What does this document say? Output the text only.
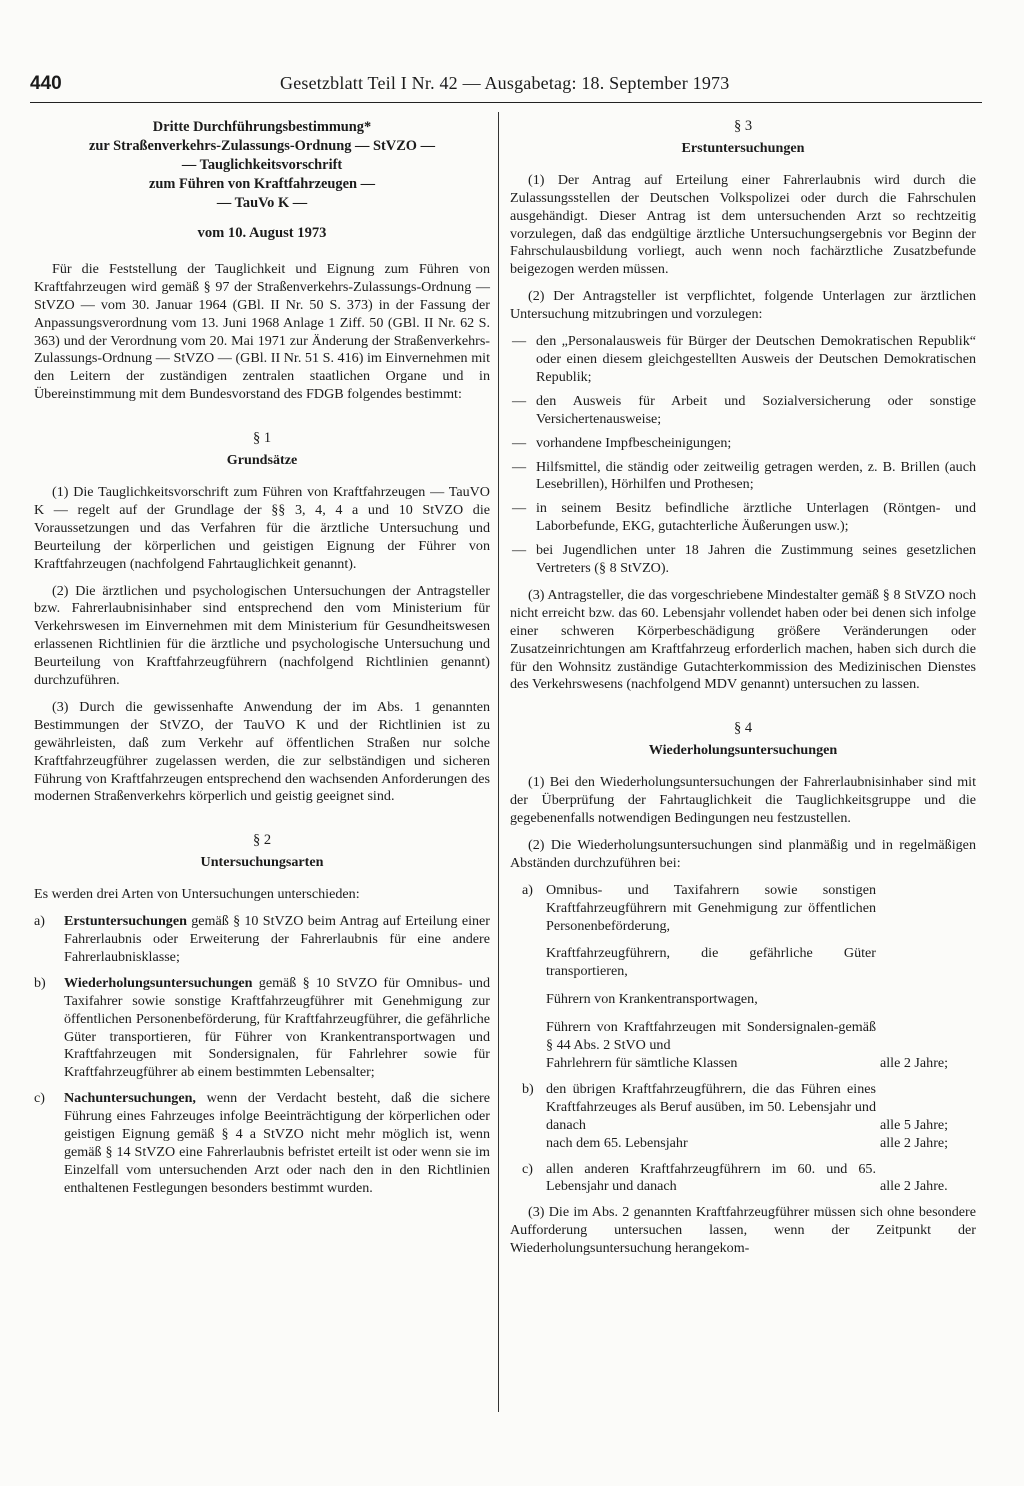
440	Gesetzblatt Teil I Nr. 42 — Ausgabetag: 18. September 1973
Dritte Durchführungsbestimmung*
zur Straßenverkehrs-Zulassungs-Ordnung — StVZO —
— Tauglichkeitsvorschrift
zum Führen von Kraftfahrzeugen —
— TauVo K —
vom 10. August 1973

Für die Feststellung der Tauglichkeit und Eignung zum Führen von Kraftfahrzeugen wird gemäß § 97 der Straßenverkehrs-Zulassungs-Ordnung — StVZO — vom 30. Januar 1964 (GBl. II Nr. 50 S. 373) in der Fassung der Anpassungsverordnung vom 13. Juni 1968 Anlage 1 Ziff. 50 (GBl. II Nr. 62 S. 363) und der Verordnung vom 20. Mai 1971 zur Änderung der Straßenverkehrs-Zulassungs-Ordnung — StVZO — (GBl. II Nr. 51 S. 416) im Einvernehmen mit den Leitern der zuständigen zentralen staatlichen Organe und in Übereinstimmung mit dem Bundesvorstand des FDGB folgendes bestimmt:

§ 1
Grundsätze

(1) Die Tauglichkeitsvorschrift zum Führen von Kraftfahrzeugen — TauVO K — regelt auf der Grundlage der §§ 3, 4, 4 a und 10 StVZO die Voraussetzungen und das Verfahren für die ärztliche Untersuchung und Beurteilung der körperlichen und geistigen Eignung der Führer von Kraftfahrzeugen (nachfolgend Fahrtauglichkeit genannt).

(2) Die ärztlichen und psychologischen Untersuchungen der Antragsteller bzw. Fahrerlaubnisinhaber sind entsprechend den vom Ministerium für Verkehrswesen im Einvernehmen mit dem Ministerium für Gesundheitswesen erlassenen Richtlinien für die ärztliche und psychologische Untersuchung und Beurteilung von Kraftfahrzeugführern (nachfolgend Richtlinien genannt) durchzuführen.

(3) Durch die gewissenhafte Anwendung der im Abs. 1 genannten Bestimmungen der StVZO, der TauVO K und der Richtlinien ist zu gewährleisten, daß zum Verkehr auf öffentlichen Straßen nur solche Kraftfahrzeugführer zugelassen werden, die zur selbständigen und sicheren Führung von Kraftfahrzeugen entsprechend den wachsenden Anforderungen des modernen Straßenverkehrs körperlich und geistig geeignet sind.

§ 2
Untersuchungsarten

Es werden drei Arten von Untersuchungen unterschieden:

a) Erstuntersuchungen gemäß § 10 StVZO beim Antrag auf Erteilung einer Fahrerlaubnis oder Erweiterung der Fahrerlaubnis für eine andere Fahrerlaubnisklasse;
b) Wiederholungsuntersuchungen gemäß § 10 StVZO für Omnibus- und Taxifahrer sowie sonstige Kraftfahrzeugführer mit Genehmigung zur öffentlichen Personenbeförderung, für Kraftfahrzeugführer, die gefährliche Güter transportieren, für Führer von Krankentransportwagen und Kraftfahrzeugen mit Sondersignalen, für Fahrlehrer sowie für Kraftfahrzeugführer ab einem bestimmten Lebensalter;
c) Nachuntersuchungen, wenn der Verdacht besteht, daß die sichere Führung eines Fahrzeuges infolge Beeinträchtigung der körperlichen oder geistigen Eignung gemäß § 4 a StVZO nicht mehr möglich ist, wenn gemäß § 14 StVZO eine Fahrerlaubnis befristet erteilt ist oder wenn sie im Einzelfall vom untersuchenden Arzt oder nach den in den Richtlinien enthaltenen Festlegungen besonders bestimmt wurden.
§ 3
Erstuntersuchungen

(1) Der Antrag auf Erteilung einer Fahrerlaubnis wird durch die Zulassungsstellen der Deutschen Volkspolizei oder durch die Fahrschulen ausgehändigt. Dieser Antrag ist dem untersuchenden Arzt so rechtzeitig vorzulegen, daß das endgültige ärztliche Untersuchungsergebnis vor Beginn der Fahrschulausbildung vorliegt, auch wenn noch fachärztliche Zusatzbefunde beigezogen werden müssen.

(2) Der Antragsteller ist verpflichtet, folgende Unterlagen zur ärztlichen Untersuchung mitzubringen und vorzulegen:

— den „Personalausweis für Bürger der Deutschen Demokratischen Republik“ oder einen diesem gleichgestellten Ausweis der Deutschen Demokratischen Republik;
— den Ausweis für Arbeit und Sozialversicherung oder sonstige Versichertenausweise;
— vorhandene Impfbescheinigungen;
— Hilfsmittel, die ständig oder zeitweilig getragen werden, z. B. Brillen (auch Lesebrillen), Hörhilfen und Prothesen;
— in seinem Besitz befindliche ärztliche Unterlagen (Röntgen- und Laborbefunde, EKG, gutachterliche Äußerungen usw.);
— bei Jugendlichen unter 18 Jahren die Zustimmung seines gesetzlichen Vertreters (§ 8 StVZO).

(3) Antragsteller, die das vorgeschriebene Mindestalter gemäß § 8 StVZO noch nicht erreicht bzw. das 60. Lebensjahr vollendet haben oder bei denen sich infolge einer schweren Körperbeschädigung größere Veränderungen oder Zusatzeinrichtungen am Kraftfahrzeug erforderlich machen, haben sich durch die für den Wohnsitz zuständige Gutachterkommission des Medizinischen Dienstes des Verkehrswesens (nachfolgend MDV genannt) untersuchen zu lassen.

§ 4
Wiederholungsuntersuchungen

(1) Bei den Wiederholungsuntersuchungen der Fahrerlaubnisinhaber sind mit der Überprüfung der Fahrtauglichkeit die Tauglichkeitsgruppe und die gegebenenfalls notwendigen Bedingungen neu festzustellen.

(2) Die Wiederholungsuntersuchungen sind planmäßig und in regelmäßigen Abständen durchzuführen bei:

a) Omnibus- und Taxifahrern sowie sonstigen Kraftfahrzeugführern mit Genehmigung zur öffentlichen Personenbeförderung,
Kraftfahrzeugführern, die gefährliche Güter transportieren,
Führern von Krankentransportwagen,
Führern von Kraftfahrzeugen mit Sondersignalen-gemäß § 44 Abs. 2 StVO und
Fahrlehrern für sämtliche Klassen	alle 2 Jahre;
b) den übrigen Kraftfahrzeugführern, die das Führen eines Kraftfahrzeuges als Beruf ausüben, im 50. Lebensjahr und danach	alle 5 Jahre;
nach dem 65. Lebensjahr	alle 2 Jahre;
c) allen anderen Kraftfahrzeugführern im 60. und 65. Lebensjahr und danach	alle 2 Jahre.

(3) Die im Abs. 2 genannten Kraftfahrzeugführer müssen sich ohne besondere Aufforderung untersuchen lassen, wenn der Zeitpunkt der Wiederholungsuntersuchung herangekom-
